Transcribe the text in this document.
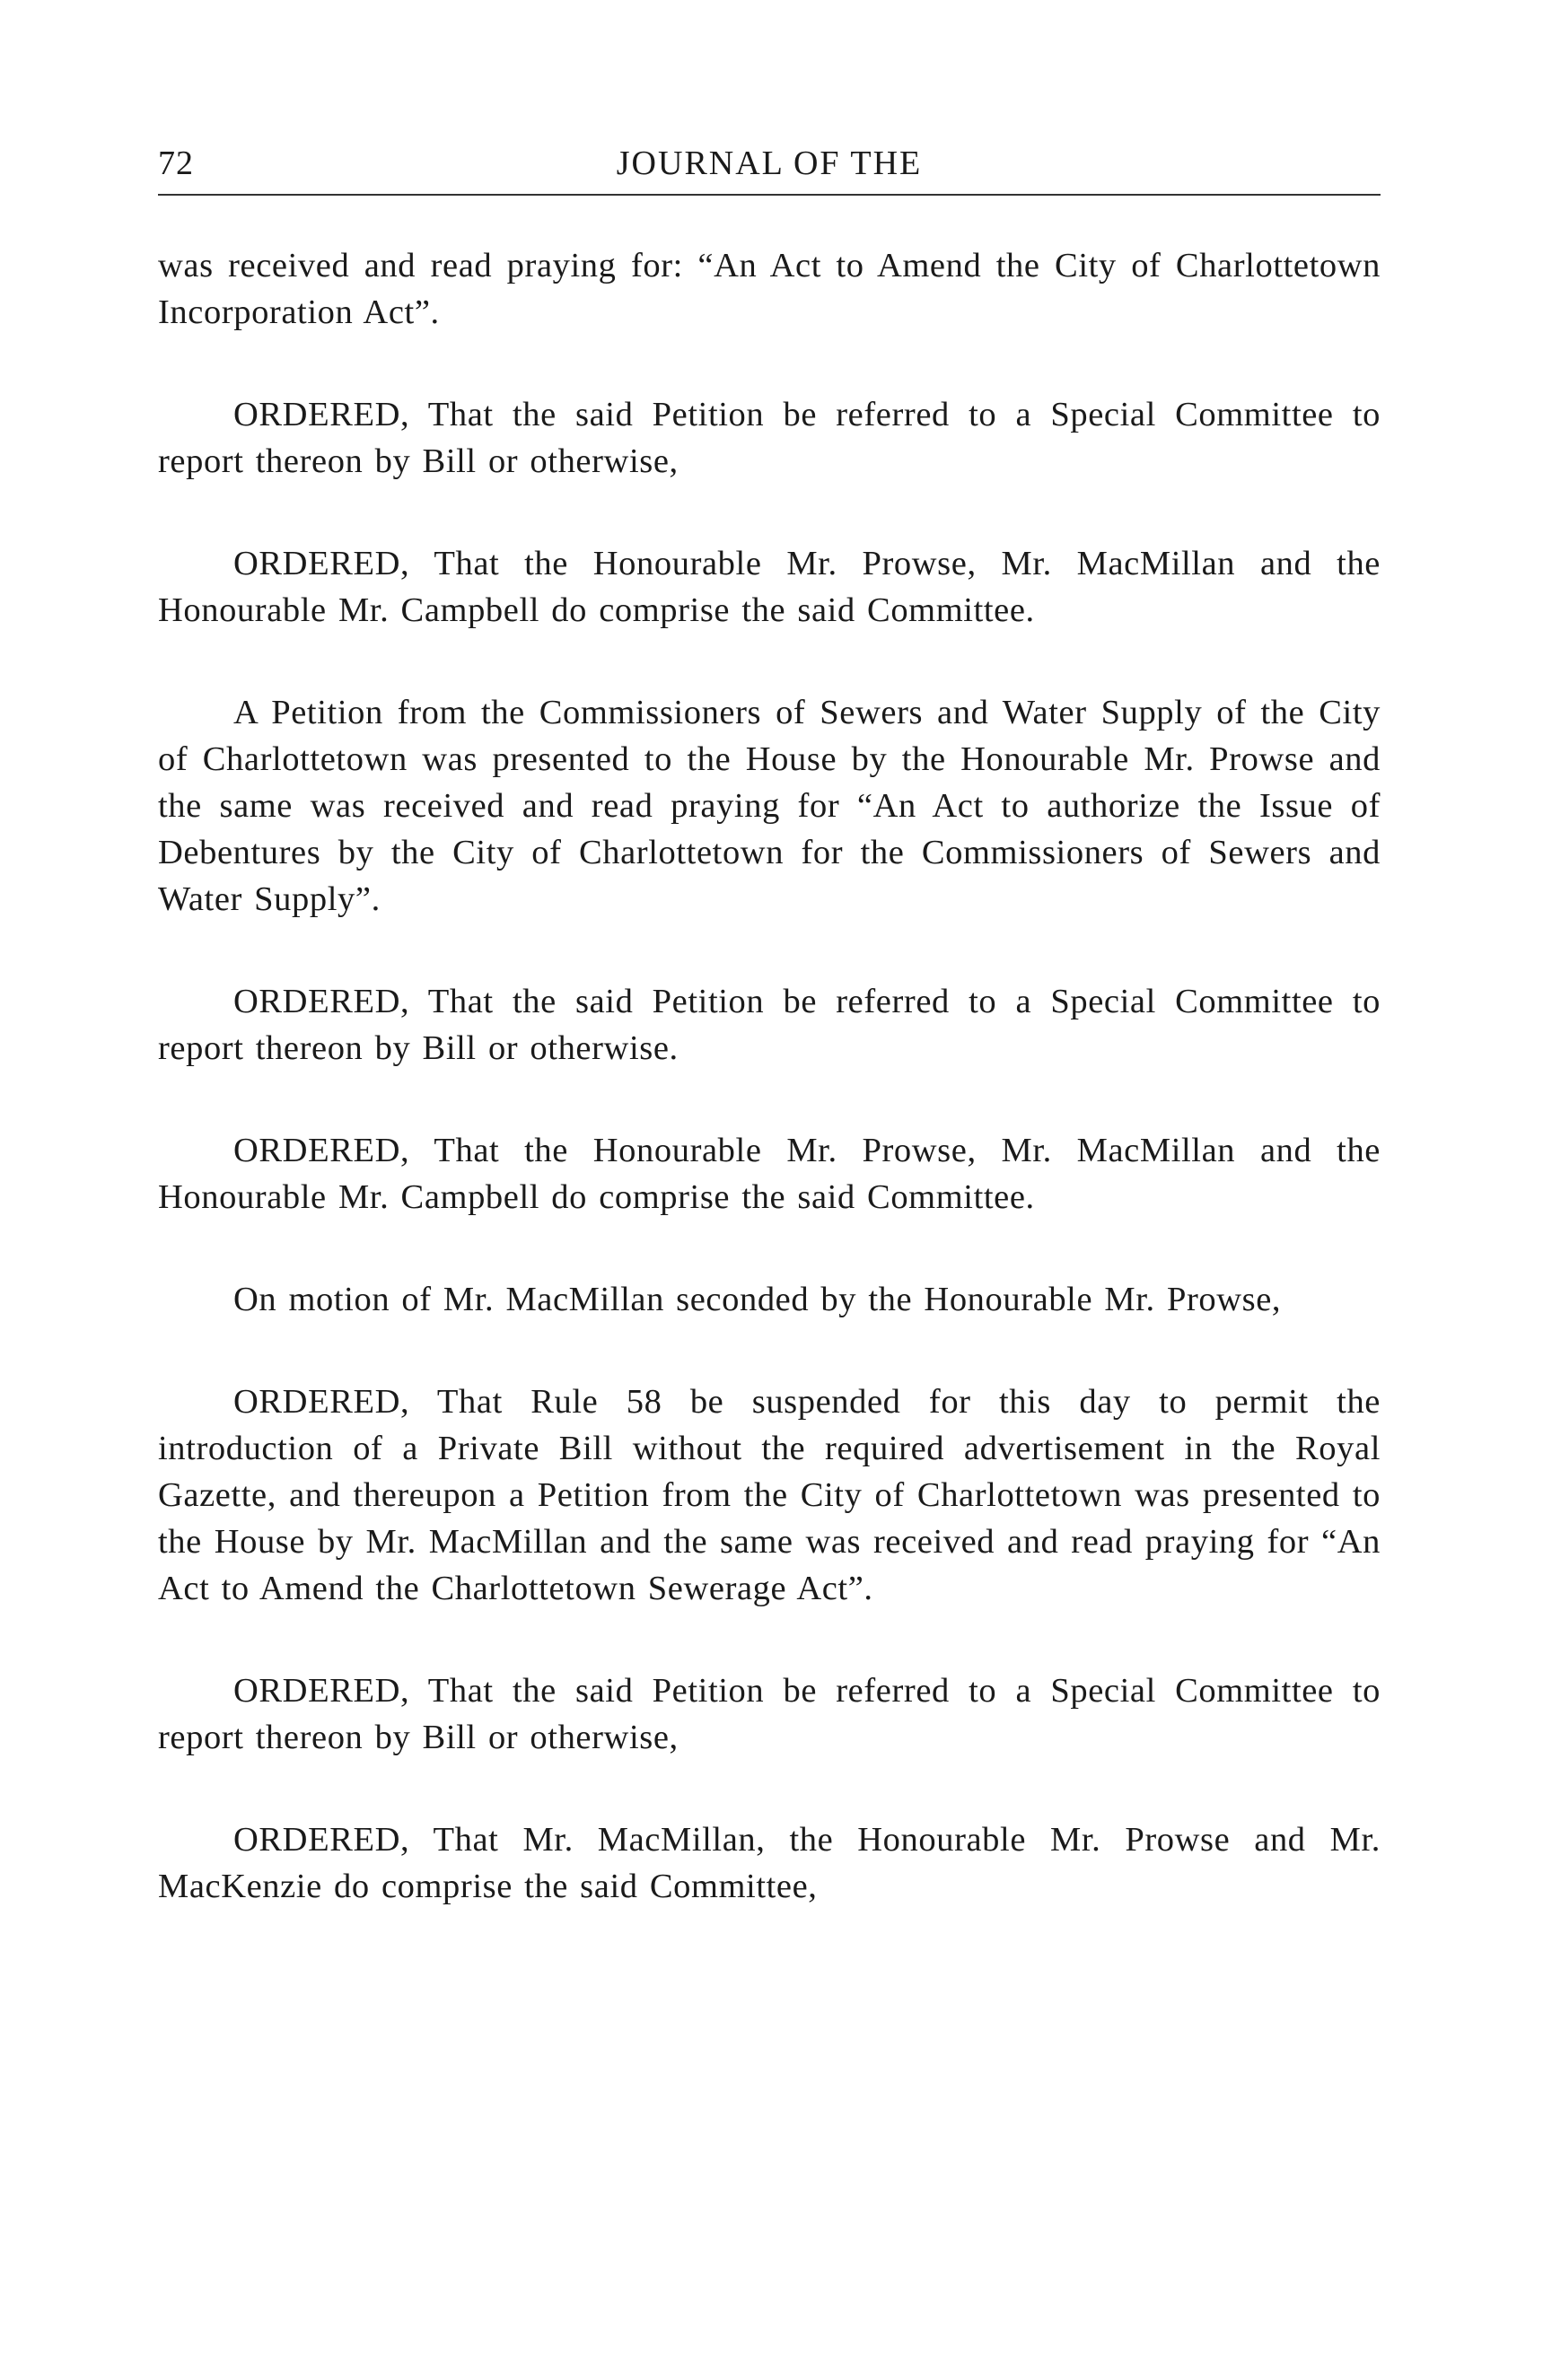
72	JOURNAL OF THE

was received and read praying for: “An Act to Amend the City of Charlottetown Incorporation Act”.

ORDERED, That the said Petition be referred to a Special Committee to report thereon by Bill or otherwise,

ORDERED, That the Honourable Mr. Prowse, Mr. MacMillan and the Honourable Mr. Campbell do comprise the said Committee.

A Petition from the Commissioners of Sewers and Water Supply of the City of Charlottetown was presented to the House by the Honourable Mr. Prowse and the same was received and read praying for “An Act to authorize the Issue of Debentures by the City of Charlottetown for the Commissioners of Sewers and Water Supply”.

ORDERED, That the said Petition be referred to a Special Committee to report thereon by Bill or otherwise.

ORDERED, That the Honourable Mr. Prowse, Mr. MacMillan and the Honourable Mr. Campbell do comprise the said Committee.

On motion of Mr. MacMillan seconded by the Honourable Mr. Prowse,

ORDERED, That Rule 58 be suspended for this day to permit the introduction of a Private Bill without the required advertisement in the Royal Gazette, and thereupon a Petition from the City of Charlottetown was presented to the House by Mr. MacMillan and the same was received and read praying for “An Act to Amend the Charlottetown Sewerage Act”.

ORDERED, That the said Petition be referred to a Special Committee to report thereon by Bill or otherwise,

ORDERED, That Mr. MacMillan, the Honourable Mr. Prowse and Mr. MacKenzie do comprise the said Committee,
